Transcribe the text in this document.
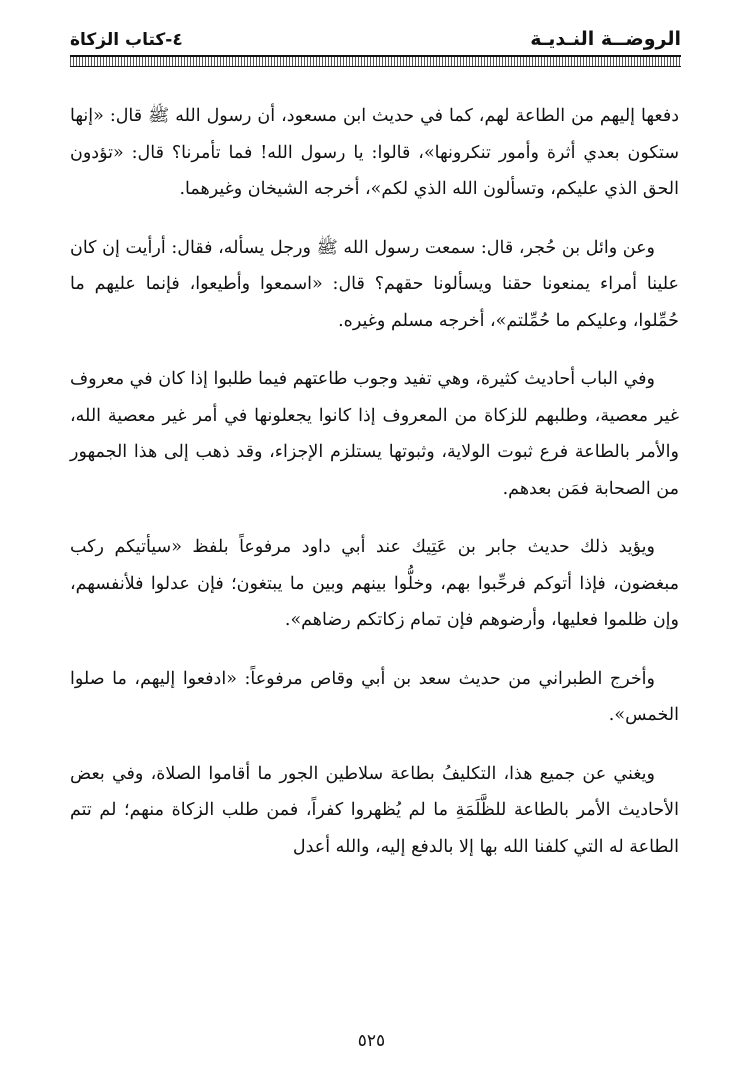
الروضــة النـديـة
٤-كتاب الزكاة

دفعها إليهم من الطاعة لهم، كما في حديث ابن مسعود، أن رسول الله ﷺ قال: «إنها ستكون بعدي أثرة وأمور تنكرونها»، قالوا: يا رسول الله! فما تأمرنا؟ قال: «تؤدون الحق الذي عليكم، وتسألون الله الذي لكم»، أخرجه الشيخان وغيرهما.

وعن وائل بن حُجر، قال: سمعت رسول الله ﷺ ورجل يسأله، فقال: أرأيت إن كان علينا أمراء يمنعونا حقنا ويسألونا حقهم؟ قال: «اسمعوا وأطيعوا، فإنما عليهم ما حُمِّلوا، وعليكم ما حُمِّلتم»، أخرجه مسلم وغيره.

وفي الباب أحاديث كثيرة، وهي تفيد وجوب طاعتهم فيما طلبوا إذا كان في معروف غير معصية، وطلبهم للزكاة من المعروف إذا كانوا يجعلونها في أمر غير معصية الله، والأمر بالطاعة فرع ثبوت الولاية، وثبوتها يستلزم الإجزاء، وقد ذهب إلى هذا الجمهور من الصحابة فمَن بعدهم.

ويؤيد ذلك حديث جابر بن عَتِيك عند أبي داود مرفوعاً بلفظ «سيأتيكم ركب مبغضون، فإذا أتوكم فرحِّبوا بهم، وخلُّوا بينهم وبين ما يبتغون؛ فإن عدلوا فلأنفسهم، وإن ظلموا فعليها، وأرضوهم فإن تمام زكاتكم رضاهم».

وأخرج الطبراني من حديث سعد بن أبي وقاص مرفوعاً: «ادفعوا إليهم، ما صلوا الخمس».

ويغني عن جميع هذا، التكليفُ بطاعة سلاطين الجور ما أقاموا الصلاة، وفي بعض الأحاديث الأمر بالطاعة للظَّلَمَةِ ما لم يُظهروا كفراً، فمن طلب الزكاة منهم؛ لم تتم الطاعة له التي كلفنا الله بها إلا بالدفع إليه، والله أعدل

٥٢٥
